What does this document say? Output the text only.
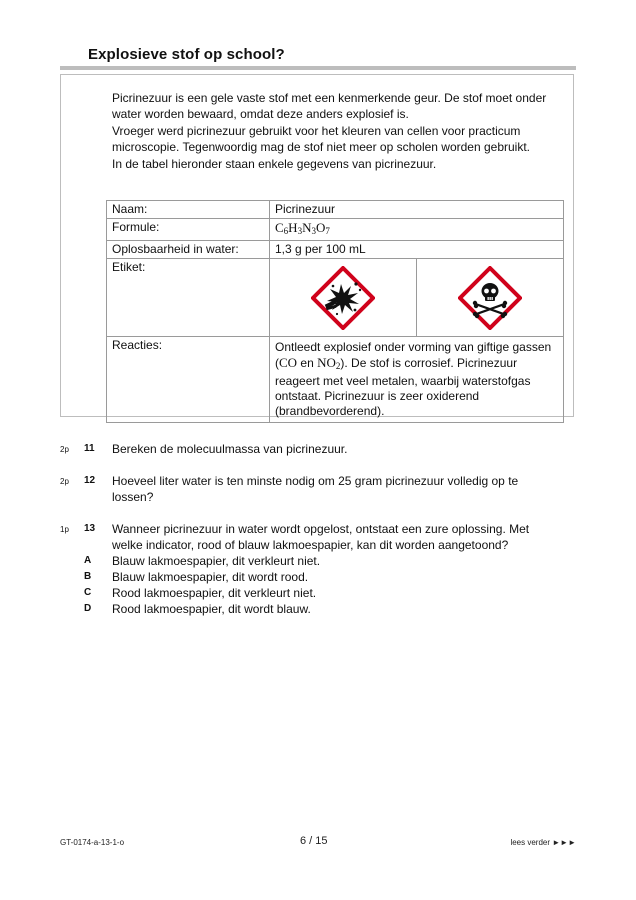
Explosieve stof op school?

Picrinezuur is een gele vaste stof met een kenmerkende geur. De stof moet onder water worden bewaard, omdat deze anders explosief is.

Vroeger werd picrinezuur gebruikt voor het kleuren van cellen voor practicum microscopie. Tegenwoordig mag de stof niet meer op scholen worden gebruikt.

In de tabel hieronder staan enkele gegevens van picrinezuur.

Naam:	Picrinezuur
Formule:	$C_6H_3N_3O_7$
Oplosbaarheid in water:	1,3 g per 100 mL
Etiket:	

Reacties:	Ontleedt explosief onder vorming van giftige gassen (CO en $NO_2$). De stof is corrosief. Picrinezuur reageert met veel metalen, waarbij waterstofgas ontstaat. Picrinezuur is zeer oxiderend (brandbevorderend).
2p 11 Bereken de molecuulmassa van picrinezuur.
2p 12 Hoeveel liter water is ten minste nodig om 25 gram picrinezuur volledig op te lossen?
1p 13 Wanneer picrinezuur in water wordt opgelost, ontstaat een zure oplossing. Met welke indicator, rood of blauw lakmoespapier, kan dit worden aangetoond?
A Blauw lakmoespapier, dit verkleurt niet.
B Blauw lakmoespapier, dit wordt rood.
C Rood lakmoespapier, dit verkleurt niet.
D Rood lakmoespapier, dit wordt blauw.
GT-0174-a-13-1-o	6 / 15	lees verder ►►►
